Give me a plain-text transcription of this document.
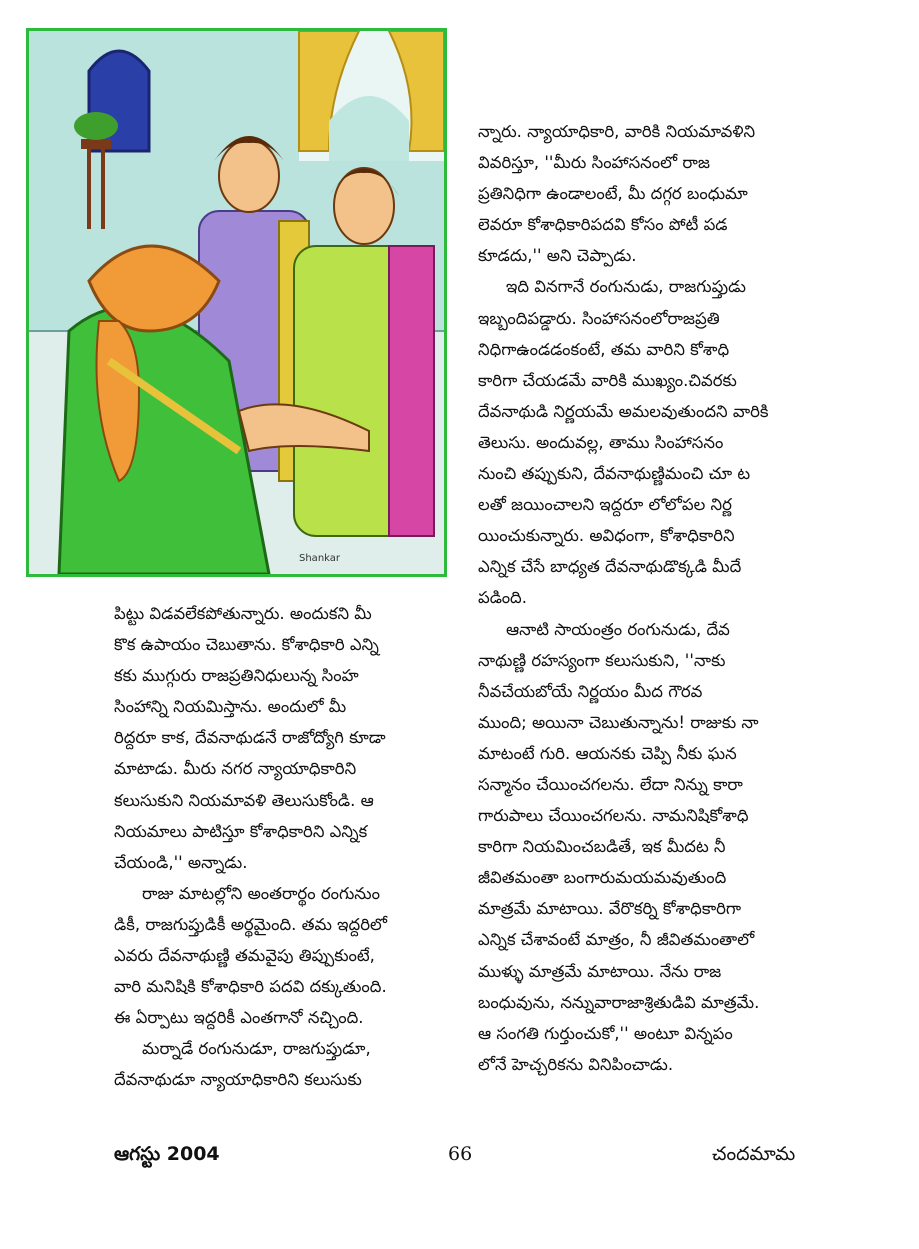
Shankar

పిట్టు విడవలేకపోతున్నారు. అందుకని మీ

కొక ఉపాయం చెబుతాను. కోశాధికారి ఎన్ని

కకు ముగ్గురు రాజప్రతినిధులున్న సింహ

సింహాన్ని నియమిస్తాను. అందులో మీ

రిద్దరూ కాక, దేవనాథుడనే రాజోద్యోగి కూడా

మాటాడు. మీరు నగర న్యాయాధికారిని

కలుసుకుని నియమావళి తెలుసుకోండి. ఆ

నియమాలు పాటిస్తూ కోశాధికారిని ఎన్నిక

చేయండి,'' అన్నాడు.

రాజు మాటల్లోని అంతరార్థం రంగునుం

డికీ, రాజగుప్తుడికీ అర్థమైంది. తమ ఇద్దరిలో

ఎవరు దేవనాథుణ్ణి తమవైపు తిప్పుకుంటే,

వారి మనిషికి కోశాధికారి పదవి దక్కుతుంది.

ఈ ఏర్పాటు ఇద్దరికీ ఎంతగానో నచ్చింది.

మర్నాడే రంగునుడూ, రాజగుప్తుడూ,

దేవనాథుడూ న్యాయాధికారిని కలుసుకు

న్నారు. న్యాయాధికారి, వారికి నియమావళిని

వివరిస్తూ, ''మీరు సింహాసనంలో రాజ

ప్రతినిధిగా ఉండాలంటే, మీ దగ్గర బంధుమా

లెవరూ కోశాధికారిపదవి కోసం పోటీ పడ

కూడదు,'' అని చెప్పాడు.

ఇది వినగానే రంగునుడు, రాజగుప్తుడు

ఇబ్బందిపడ్డారు. సింహాసనంలోరాజప్రతి

నిధిగాఉండడంకంటే, తమ వారిని కోశాధి

కారిగా చేయడమే వారికి ముఖ్యం.చివరకు

దేవనాథుడి నిర్ణయమే అమలవుతుందని వారికి

తెలుసు. అందువల్ల, తాము సింహాసనం

నుంచి తప్పుకుని, దేవనాథుణ్ణిమంచి చూ ట

లతో జయించాలని ఇద్దరూ లోలోపల నిర్ణ

యించుకున్నారు. అవిధంగా, కోశాధికారిని

ఎన్నిక చేసే బాధ్యత దేవనాథుడొక్కడి మీదే

పడింది.

ఆనాటి సాయంత్రం రంగునుడు, దేవ

నాథుణ్ణి రహస్యంగా కలుసుకుని, ''నాకు

నీవచేయబోయే నిర్ణయం మీద గౌరవ

ముంది; అయినా చెబుతున్నాను! రాజుకు నా

మాటంటే గురి. ఆయనకు చెప్పి నీకు ఘన

సన్మానం చేయించగలను. లేదా నిన్ను కారా

గారుపాలు చేయించగలను. నామనిషికోశాధి

కారిగా నియమించబడితే, ఇక మీదట నీ

జీవితమంతా బంగారుమయమవుతుంది

మాత్రమే మాటాయి. వేరొకర్ని కోశాధికారిగా

ఎన్నిక చేశావంటే మాత్రం, నీ జీవితమంతాలో

ముళ్ళు మాత్రమే మాటాయి. నేను రాజ

బంధువును, నన్నువారాజాశ్రితుడివి మాత్రమే.

ఆ సంగతి గుర్తుంచుకో,'' అంటూ విన్నపం

లోనే హెచ్చరికను వినిపించాడు.

ఆగస్టు 2004	66	చందమామ
